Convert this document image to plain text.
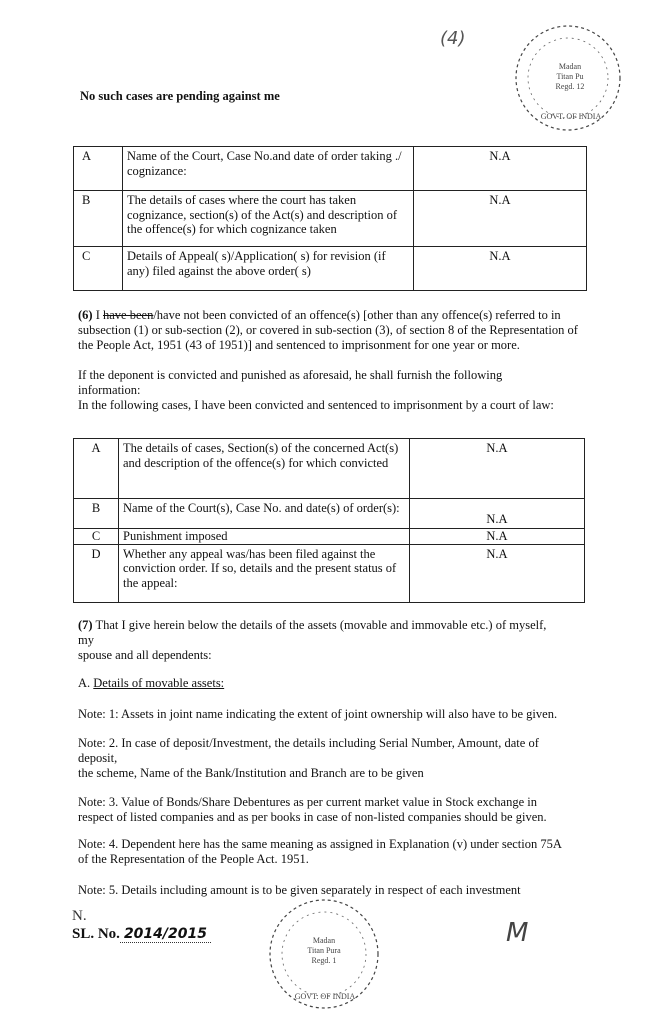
(4)
Madan
Titan Pu
Regd. 12
GOVT. OF INDIA
No such cases are pending against me
A	Name of the Court, Case No.and date of order taking ./ cognizance:	N.A
B	The details of cases where the court has taken cognizance, section(s) of the Act(s) and description of the offence(s) for which cognizance taken	N.A
C	Details of Appeal( s)/Application( s) for revision (if any) filed against the above order( s)	N.A
(6) I have been/have not been convicted of an offence(s) [other than any offence(s) referred to in subsection (1) or sub-section (2), or covered in sub-section (3), of section 8 of the Representation of the People Act, 1951 (43 of 1951)] and sentenced to imprisonment for one year or more.
If the deponent is convicted and punished as aforesaid, he shall furnish the following information:
In the following cases, I have been convicted and sentenced to imprisonment by a court of law:
A	The details of cases, Section(s) of the concerned Act(s) and description of the offence(s) for which convicted	N.A
B	Name of the Court(s), Case No. and date(s) of order(s):	N.A
C	Punishment imposed	N.A
D	Whether any appeal was/has been filed against the conviction order. If so, details and the present status of the appeal:	N.A
(7) That I give herein below the details of the assets (movable and immovable etc.) of myself,
my
spouse and all dependents:
A. Details of movable assets:
Note: 1: Assets in joint name indicating the extent of joint ownership will also have to be given.
Note: 2. In case of deposit/Investment, the details including Serial Number, Amount, date of
deposit,
the scheme, Name of the Bank/Institution and Branch are to be given
Note: 3. Value of Bonds/Share Debentures as per current market value in Stock exchange in
respect of listed companies and as per books in case of non-listed companies should be given.
Note: 4. Dependent here has the same meaning as assigned in Explanation (v) under section 75A
of the Representation of the People Act. 1951.
Note: 5. Details including amount is to be given separately in respect of each investment
N.
SL. No. 2014/2015	Madan
Titan Pura
Regd. 1
GOVT. OF INDIA
M
